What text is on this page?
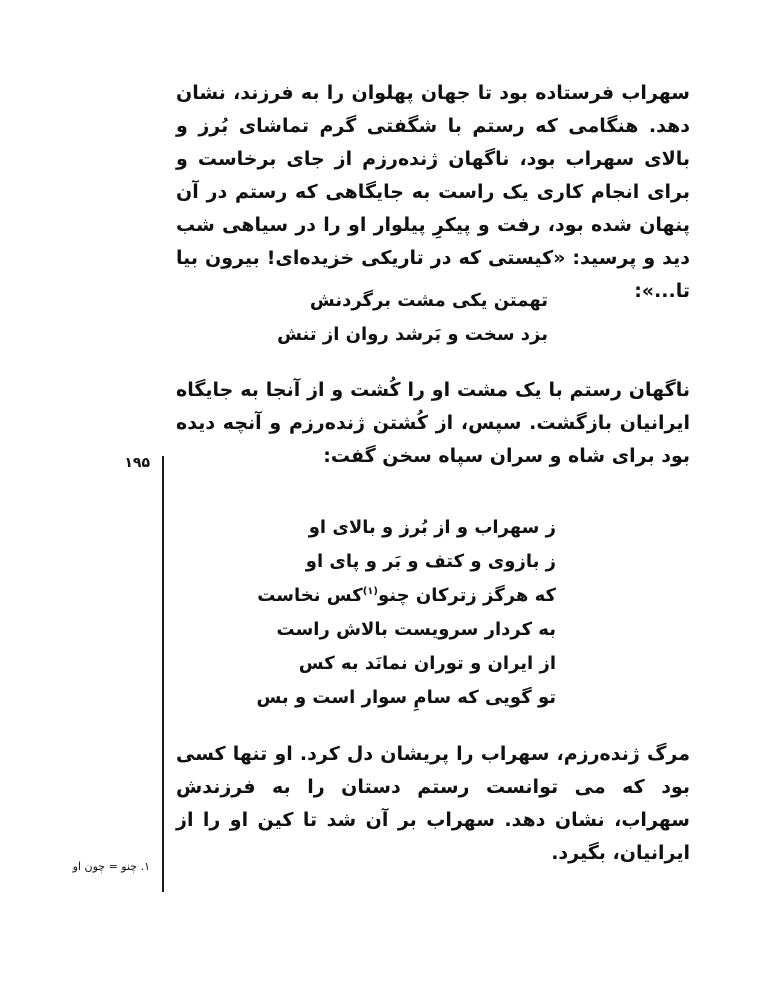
سهراب فرستاده بود تا جهان پهلوان را به فرزند، نشان دهد. هنگامی که رستم با شگفتی گرم تماشای بُرز و بالای سهراب بود، ناگهان ژنده‌رزم از جای برخاست و برای انجام کاری یک راست به جایگاهی که رستم در آن پنهان شده بود، رفت و پیکرِ پیلوار او را در سیاهی شب دید و پرسید: «کیستی که در تاریکی خزیده‌ای! بیرون بیا تا...»:

تهمتن یکی مشت برگردنش
بزد سخت و بَرشد روان از تنش

ناگهان رستم با یک مشت او را کُشت و از آنجا به جایگاه ایرانیان بازگشت. سپس، از کُشتن ژنده‌رزم و آنچه دیده بود برای شاه و سران سپاه سخن گفت:

۱۹۵
ز سهراب و از بُرز و بالای او
ز بازوی و کتف و بَر و پای او
که هرگز زترکان چنو$^{(۱)}$کس نخاست
به کردار سرویست بالاش راست
از ایران و توران نمانَد به کس
تو گویی که سامِ سوار است و بس

مرگ ژنده‌رزم، سهراب را پریشان دل کرد. او تنها کسی بود که می توانست رستم دستان را به فرزندش سهراب، نشان دهد. سهراب بر آن شد تا کین او را از ایرانیان، بگیرد.

۱. چنو = چون او
